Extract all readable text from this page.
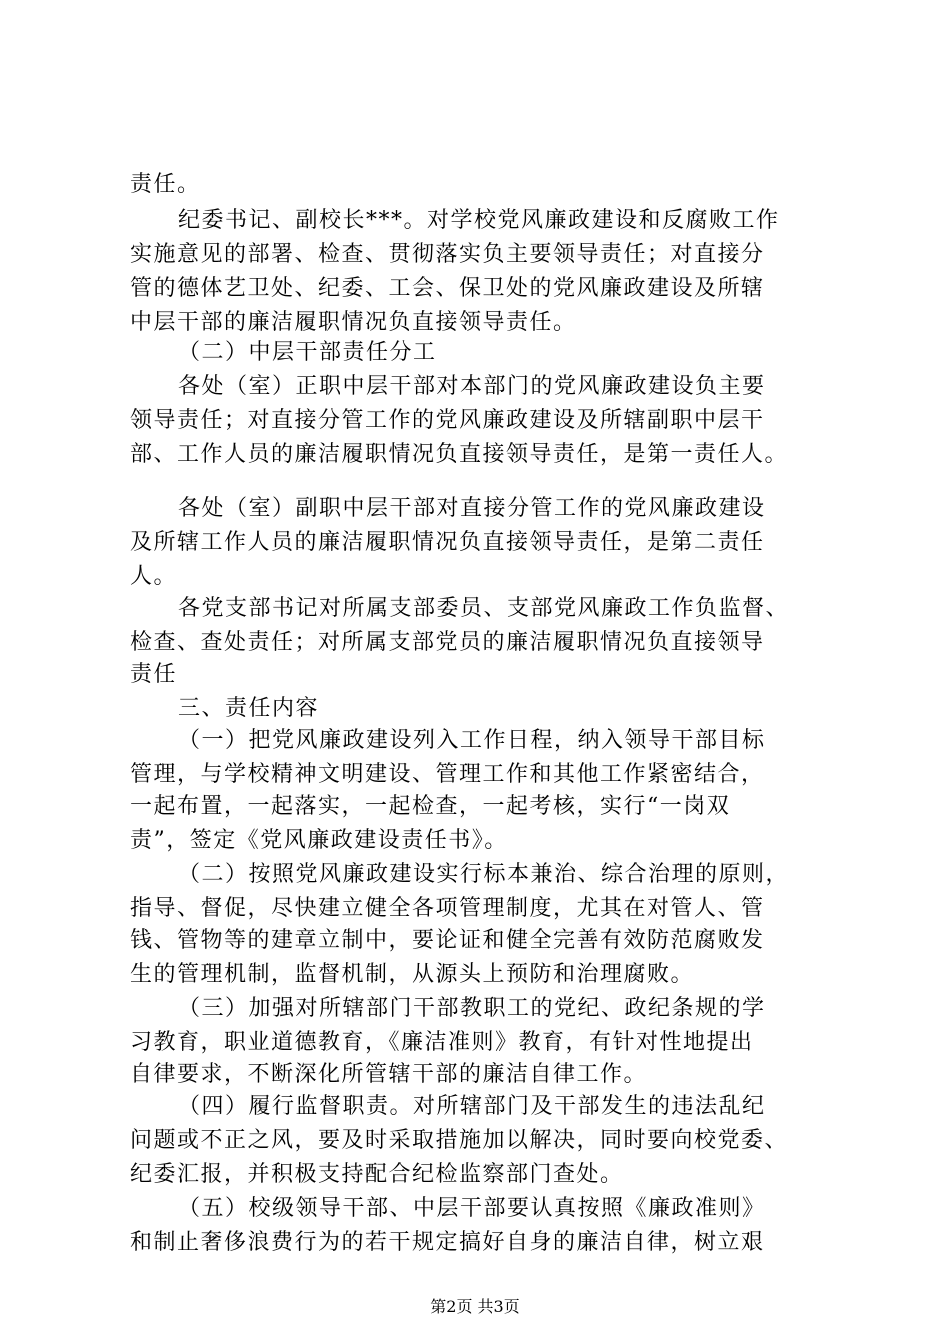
责任。
纪委书记、副校长***。对学校党风廉政建设和反腐败工作
实施意见的部署、检查、贯彻落实负主要领导责任；对直接分
管的德体艺卫处、纪委、工会、保卫处的党风廉政建设及所辖
中层干部的廉洁履职情况负直接领导责任。
（二）中层干部责任分工
各处（室）正职中层干部对本部门的党风廉政建设负主要
领导责任；对直接分管工作的党风廉政建设及所辖副职中层干
部、工作人员的廉洁履职情况负直接领导责任，是第一责任人。
各处（室）副职中层干部对直接分管工作的党风廉政建设
及所辖工作人员的廉洁履职情况负直接领导责任，是第二责任
人。
各党支部书记对所属支部委员、支部党风廉政工作负监督、
检查、查处责任；对所属支部党员的廉洁履职情况负直接领导
责任
三、责任内容
（一）把党风廉政建设列入工作日程，纳入领导干部目标
管理，与学校精神文明建设、管理工作和其他工作紧密结合，
一起布置，一起落实，一起检查，一起考核，实行“一岗双
责”，签定《党风廉政建设责任书》。
（二）按照党风廉政建设实行标本兼治、综合治理的原则，
指导、督促，尽快建立健全各项管理制度，尤其在对管人、管
钱、管物等的建章立制中，要论证和健全完善有效防范腐败发
生的管理机制，监督机制，从源头上预防和治理腐败。
（三）加强对所辖部门干部教职工的党纪、政纪条规的学
习教育，职业道德教育，《廉洁准则》教育，有针对性地提出
自律要求，不断深化所管辖干部的廉洁自律工作。
（四）履行监督职责。对所辖部门及干部发生的违法乱纪
问题或不正之风，要及时采取措施加以解决，同时要向校党委、
纪委汇报，并积极支持配合纪检监察部门查处。
（五）校级领导干部、中层干部要认真按照《廉政准则》
和制止奢侈浪费行为的若干规定搞好自身的廉洁自律，树立艰
第2页 共3页
